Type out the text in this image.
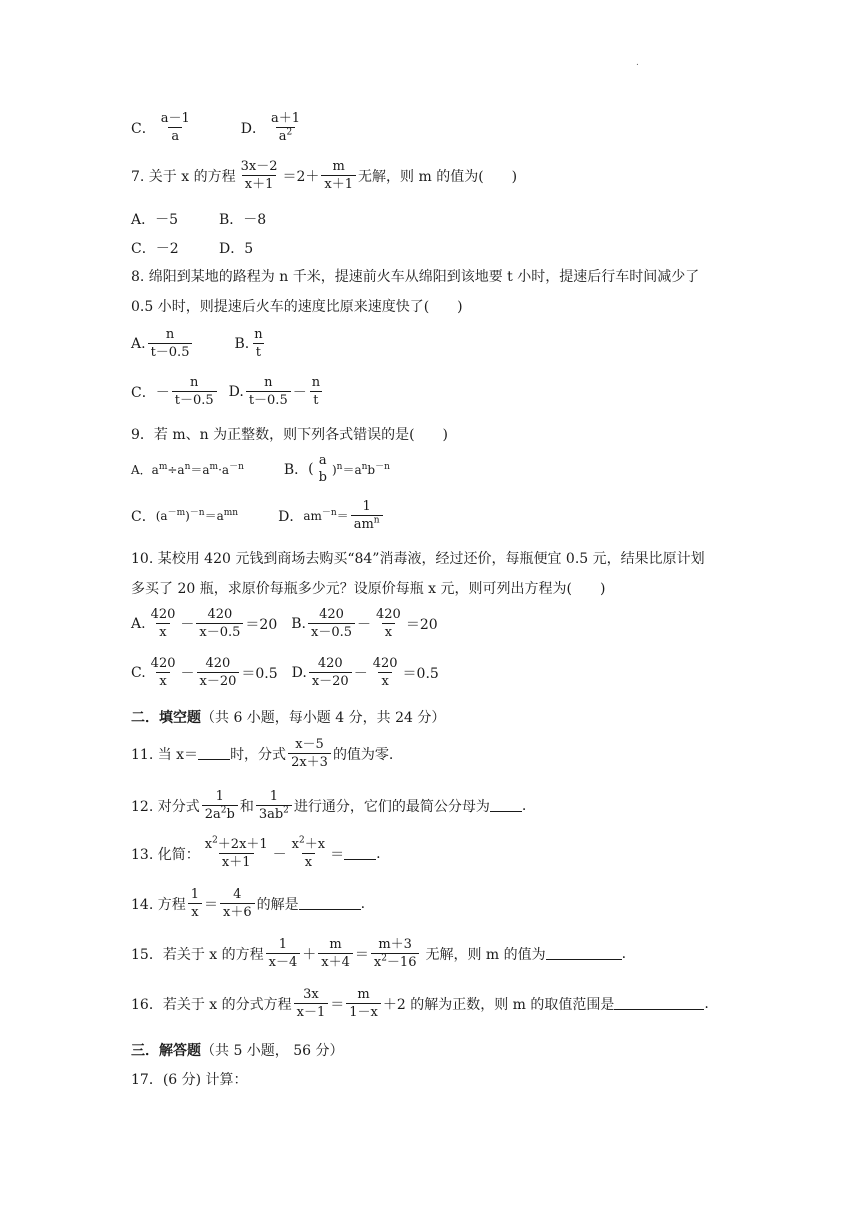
.
C． $\frac{a-1}{a}$	D． $\frac{a+1}{a^2}$
7. 关于 x 的方程 $\frac{3x-2}{x+1} =2+ \frac{m}{x+1}$ 无解，则 m 的值为(　　)
A．－5	B．－8
C．－2	D．5
8. 绵阳到某地的路程为 n 千米，提速前火车从绵阳到该地要 t 小时，提速后行车时间减少了
0.5 小时，则提速后火车的速度比原来速度快了(　　)
A. $\frac{n}{t-0.5}$	B. $\frac{n}{t}$
C．－ $\frac{n}{t-0.5} D$. $\frac{n}{t-0.5} - \frac{n}{t}$
9．若 m、n 为正整数，则下列各式错误的是(　　)
A．$a^m\div a^n=a^m\cdot a^{-n}$	B． (
a
b
)$^n=a^nb^{-n}$
C． $(a^{-m})^{-n}=a^{mn}$	D． $am^{-n}= \frac{1}{am^n}$
10. 某校用 420 元钱到商场去购买“84”消毒液，经过还价，每瓶便宜 0.5 元，结果比原计划
多买了 20 瓶，求原价每瓶多少元？设原价每瓶 x 元，则可列出方程为(　　)
A. $\frac{420}{x} - \frac{420}{x-0.5} =20$ B. $\frac{420}{x-0.5} - \frac{420}{x} =20$
C. $\frac{420}{x} - \frac{420}{x-20} =0.5$ D. $\frac{420}{x-20} - \frac{420}{x} =0.5$
二．填空题 （共 6 小题，每小题 4 分，共 24 分）
11. 当 x＝ 时，分式 $\frac{x-5}{2x+3}$ 的值为零.
12. 对分式 $\frac{1}{2a^2b}$ 和 $\frac{1}{3ab^2}$ 进行通分，它们的最简公分母为 .
13. 化简： $\frac{x^2+2x+1}{x+1} - \frac{x^2+x}{x}$ ＝ .
14. 方程 $\frac{1}{x} = \frac{4}{x+6}$ 的解是	.
15．若关于 x 的方程 $\frac{1}{x-4} + \frac{m}{x+4} = \frac{m+3}{x^2-16}$ 无解，则 m 的值为	.
16．若关于 x 的分式方程 $\frac{3x}{x-1} = \frac{m}{1-x} +2$ 的解为正数，则 m 的取值范围是	.
三．解答题 （共 5 小题， 56 分）
17．(6 分) 计算：
